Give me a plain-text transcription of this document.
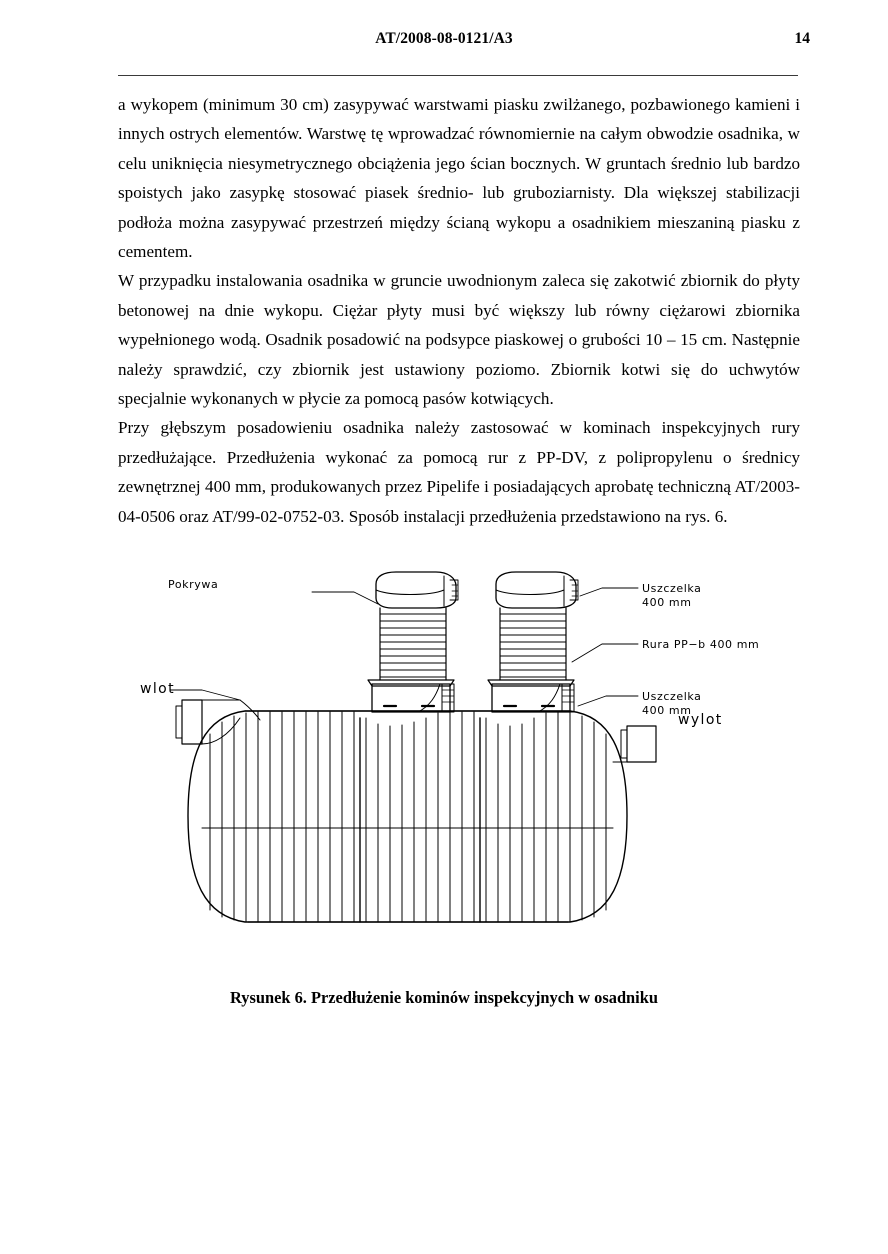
AT/2008-08-0121/A3	14

a wykopem (minimum 30 cm) zasypywać warstwami piasku zwilżanego, pozbawionego kamieni i innych ostrych elementów. Warstwę tę wprowadzać równomiernie na całym obwodzie osadnika, w celu uniknięcia niesymetrycznego obciążenia jego ścian bocznych. W gruntach średnio lub bardzo spoistych jako zasypkę stosować piasek średnio- lub gruboziarnisty. Dla większej stabilizacji podłoża można zasypywać przestrzeń między ścianą wykopu a osadnikiem mieszaniną piasku z cementem.

W przypadku instalowania osadnika w gruncie uwodnionym zaleca się zakotwić zbiornik do płyty betonowej na dnie wykopu. Ciężar płyty musi być większy lub równy ciężarowi zbiornika wypełnionego wodą. Osadnik posadowić na podsypce piaskowej o grubości 10 – 15 cm. Następnie należy sprawdzić, czy zbiornik jest ustawiony poziomo. Zbiornik kotwi się do uchwytów specjalnie wykonanych w płycie za pomocą pasów kotwiących.

Przy głębszym posadowieniu osadnika należy zastosować w kominach inspekcyjnych rury przedłużające. Przedłużenia wykonać za pomocą rur z PP-DV, z polipropylenu o średnicy zewnętrznej 400 mm, produkowanych przez Pipelife i posiadających aprobatę techniczną AT/2003-04-0506 oraz AT/99-02-0752-03. Sposób instalacji przedłużenia przedstawiono na rys. 6.

Pokrywa	Uszczelka
400 mm
Rura PP−b 400 mm
Uszczelka
400 mm
wlot
wylot
Rysunek 6. Przedłużenie kominów inspekcyjnych w osadniku
